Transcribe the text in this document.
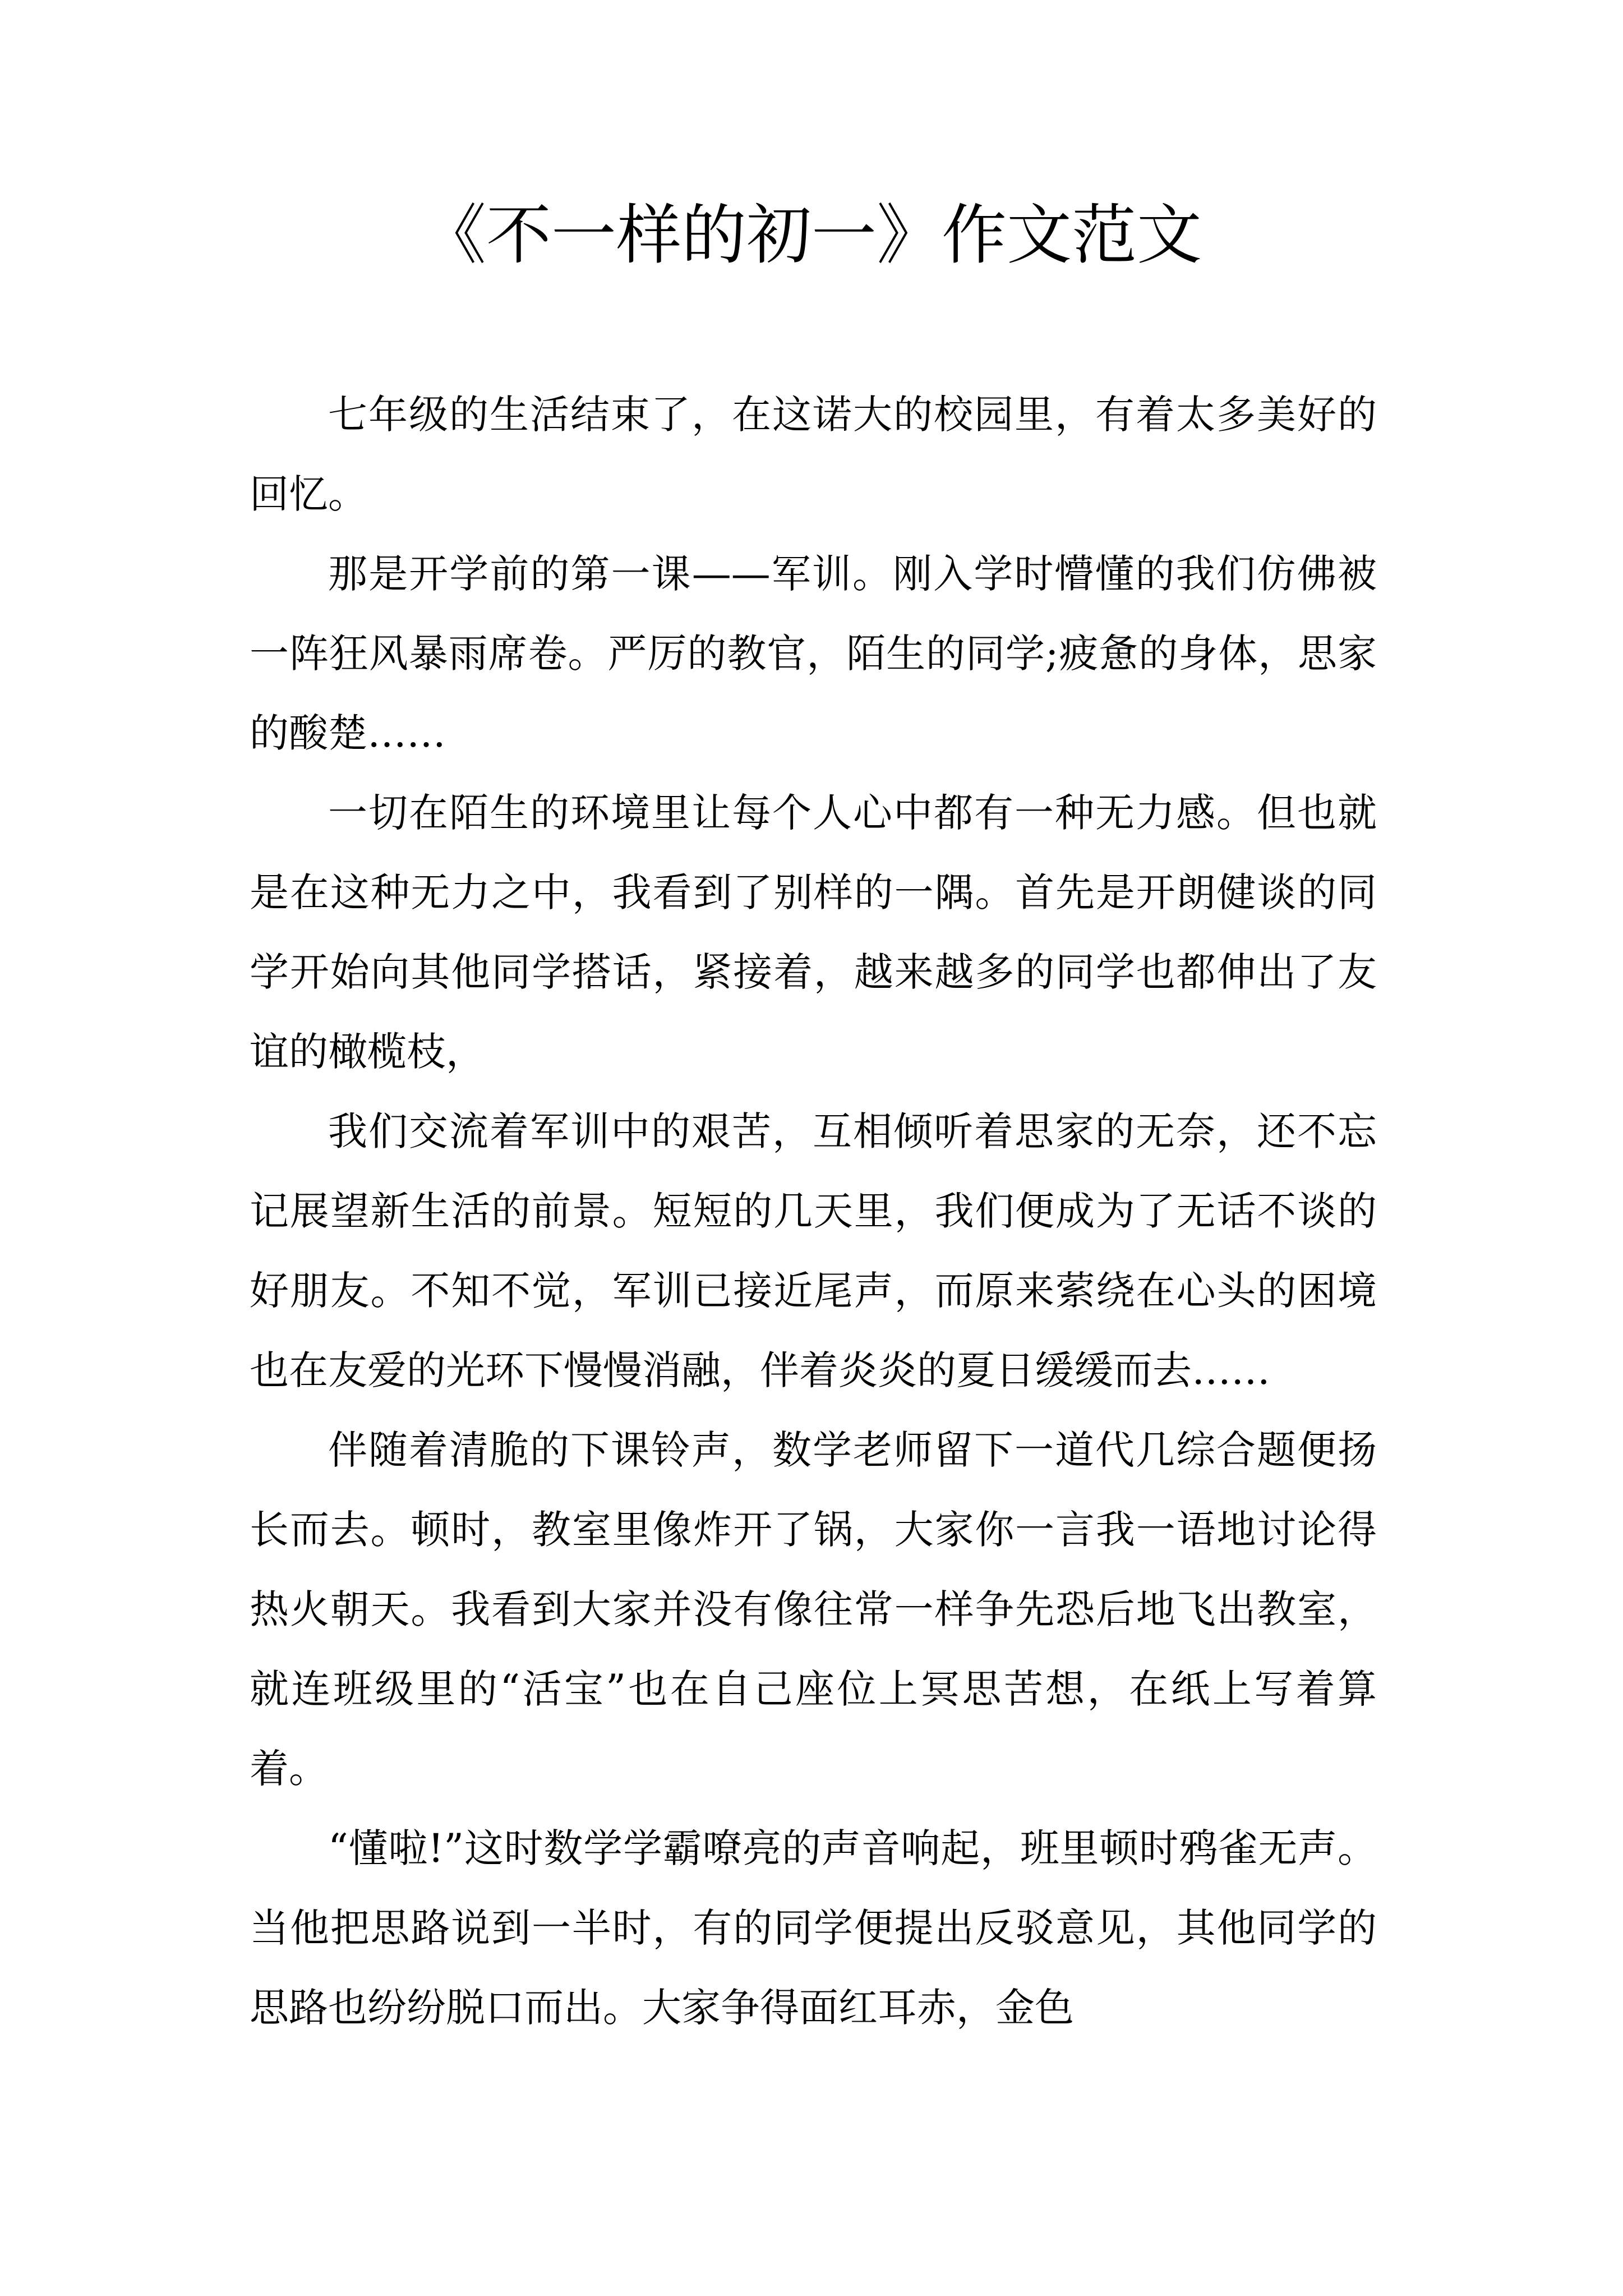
《不一样的初一》作文范文

七年级的生活结束了，在这诺大的校园里，有着太多美好的回忆。

那是开学前的第一课——军训。刚入学时懵懂的我们仿佛被一阵狂风暴雨席卷。严厉的教官，陌生的同学;疲惫的身体，思家的酸楚……

一切在陌生的环境里让每个人心中都有一种无力感。但也就是在这种无力之中，我看到了别样的一隅。首先是开朗健谈的同学开始向其他同学搭话，紧接着，越来越多的同学也都伸出了友谊的橄榄枝，

我们交流着军训中的艰苦，互相倾听着思家的无奈，还不忘记展望新生活的前景。短短的几天里，我们便成为了无话不谈的好朋友。不知不觉，军训已接近尾声，而原来萦绕在心头的困境也在友爱的光环下慢慢消融，伴着炎炎的夏日缓缓而去……

伴随着清脆的下课铃声，数学老师留下一道代几综合题便扬长而去。顿时，教室里像炸开了锅，大家你一言我一语地讨论得热火朝天。我看到大家并没有像往常一样争先恐后地飞出教室，就连班级里的“活宝”也在自己座位上冥思苦想，在纸上写着算着。

“懂啦!”这时数学学霸嘹亮的声音响起，班里顿时鸦雀无声。当他把思路说到一半时，有的同学便提出反驳意见，其他同学的思路也纷纷脱口而出。大家争得面红耳赤，金色
